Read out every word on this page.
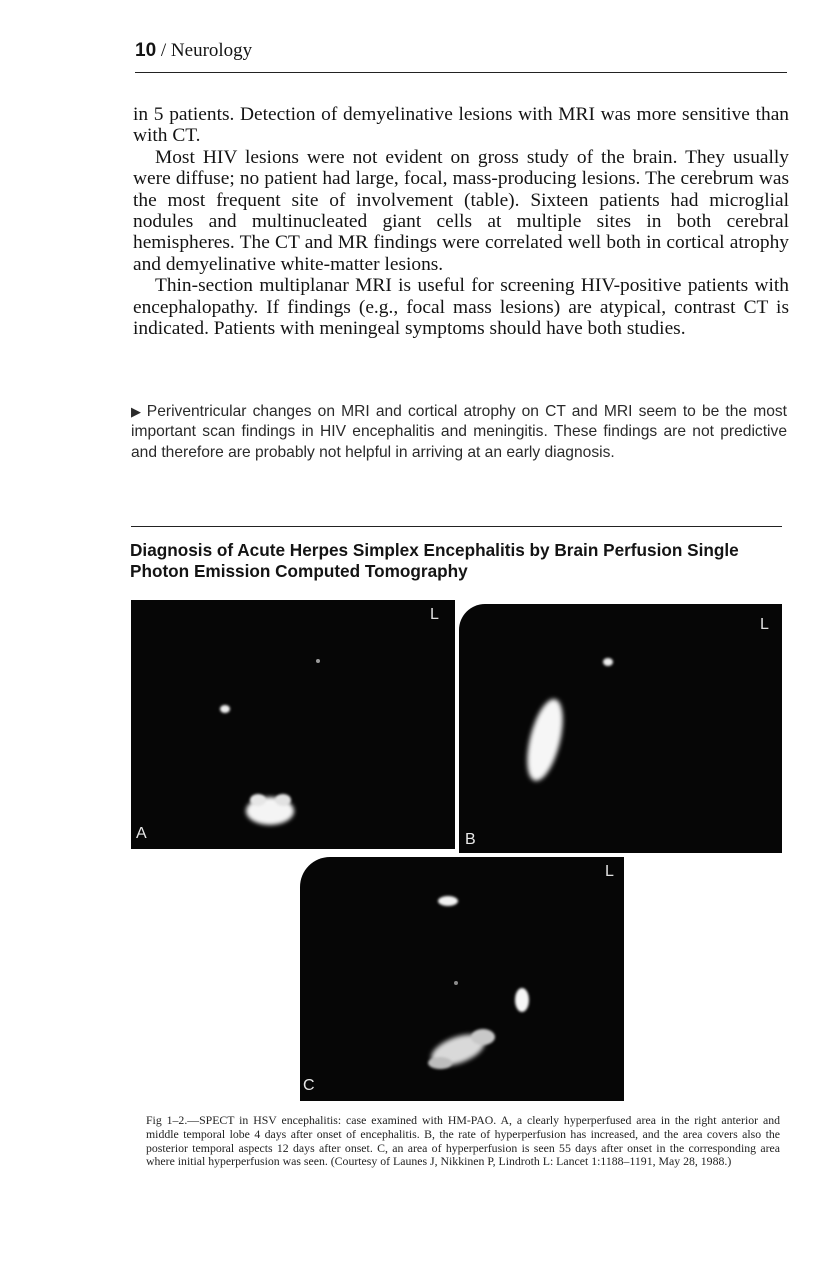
10 / Neurology

in 5 patients. Detection of demyelinative lesions with MRI was more sensitive than with CT.

Most HIV lesions were not evident on gross study of the brain. They usually were diffuse; no patient had large, focal, mass-producing lesions. The cerebrum was the most frequent site of involvement (table). Sixteen patients had microglial nodules and multinucleated giant cells at multiple sites in both cerebral hemispheres. The CT and MR findings were correlated well both in cortical atrophy and demyelinative white-matter lesions.

Thin-section multiplanar MRI is useful for screening HIV-positive patients with encephalopathy. If findings (e.g., focal mass lesions) are atypical, contrast CT is indicated. Patients with meningeal symptoms should have both studies.

▶ Periventricular changes on MRI and cortical atrophy on CT and MRI seem to be the most important scan findings in HIV encephalitis and meningitis. These findings are not predictive and therefore are probably not helpful in arriving at an early diagnosis.
Diagnosis of Acute Herpes Simplex Encephalitis by Brain Perfusion Single Photon Emission Computed Tomography
A
L
B
L
C
L
Fig 1–2.—SPECT in HSV encephalitis: case examined with HM-PAO. A, a clearly hyperperfused area in the right anterior and middle temporal lobe 4 days after onset of encephalitis. B, the rate of hyperperfusion has increased, and the area covers also the posterior temporal aspects 12 days after onset. C, an area of hyperperfusion is seen 55 days after onset in the corresponding area where initial hyperperfusion was seen. (Courtesy of Launes J, Nikkinen P, Lindroth L: Lancet 1:1188–1191, May 28, 1988.)
